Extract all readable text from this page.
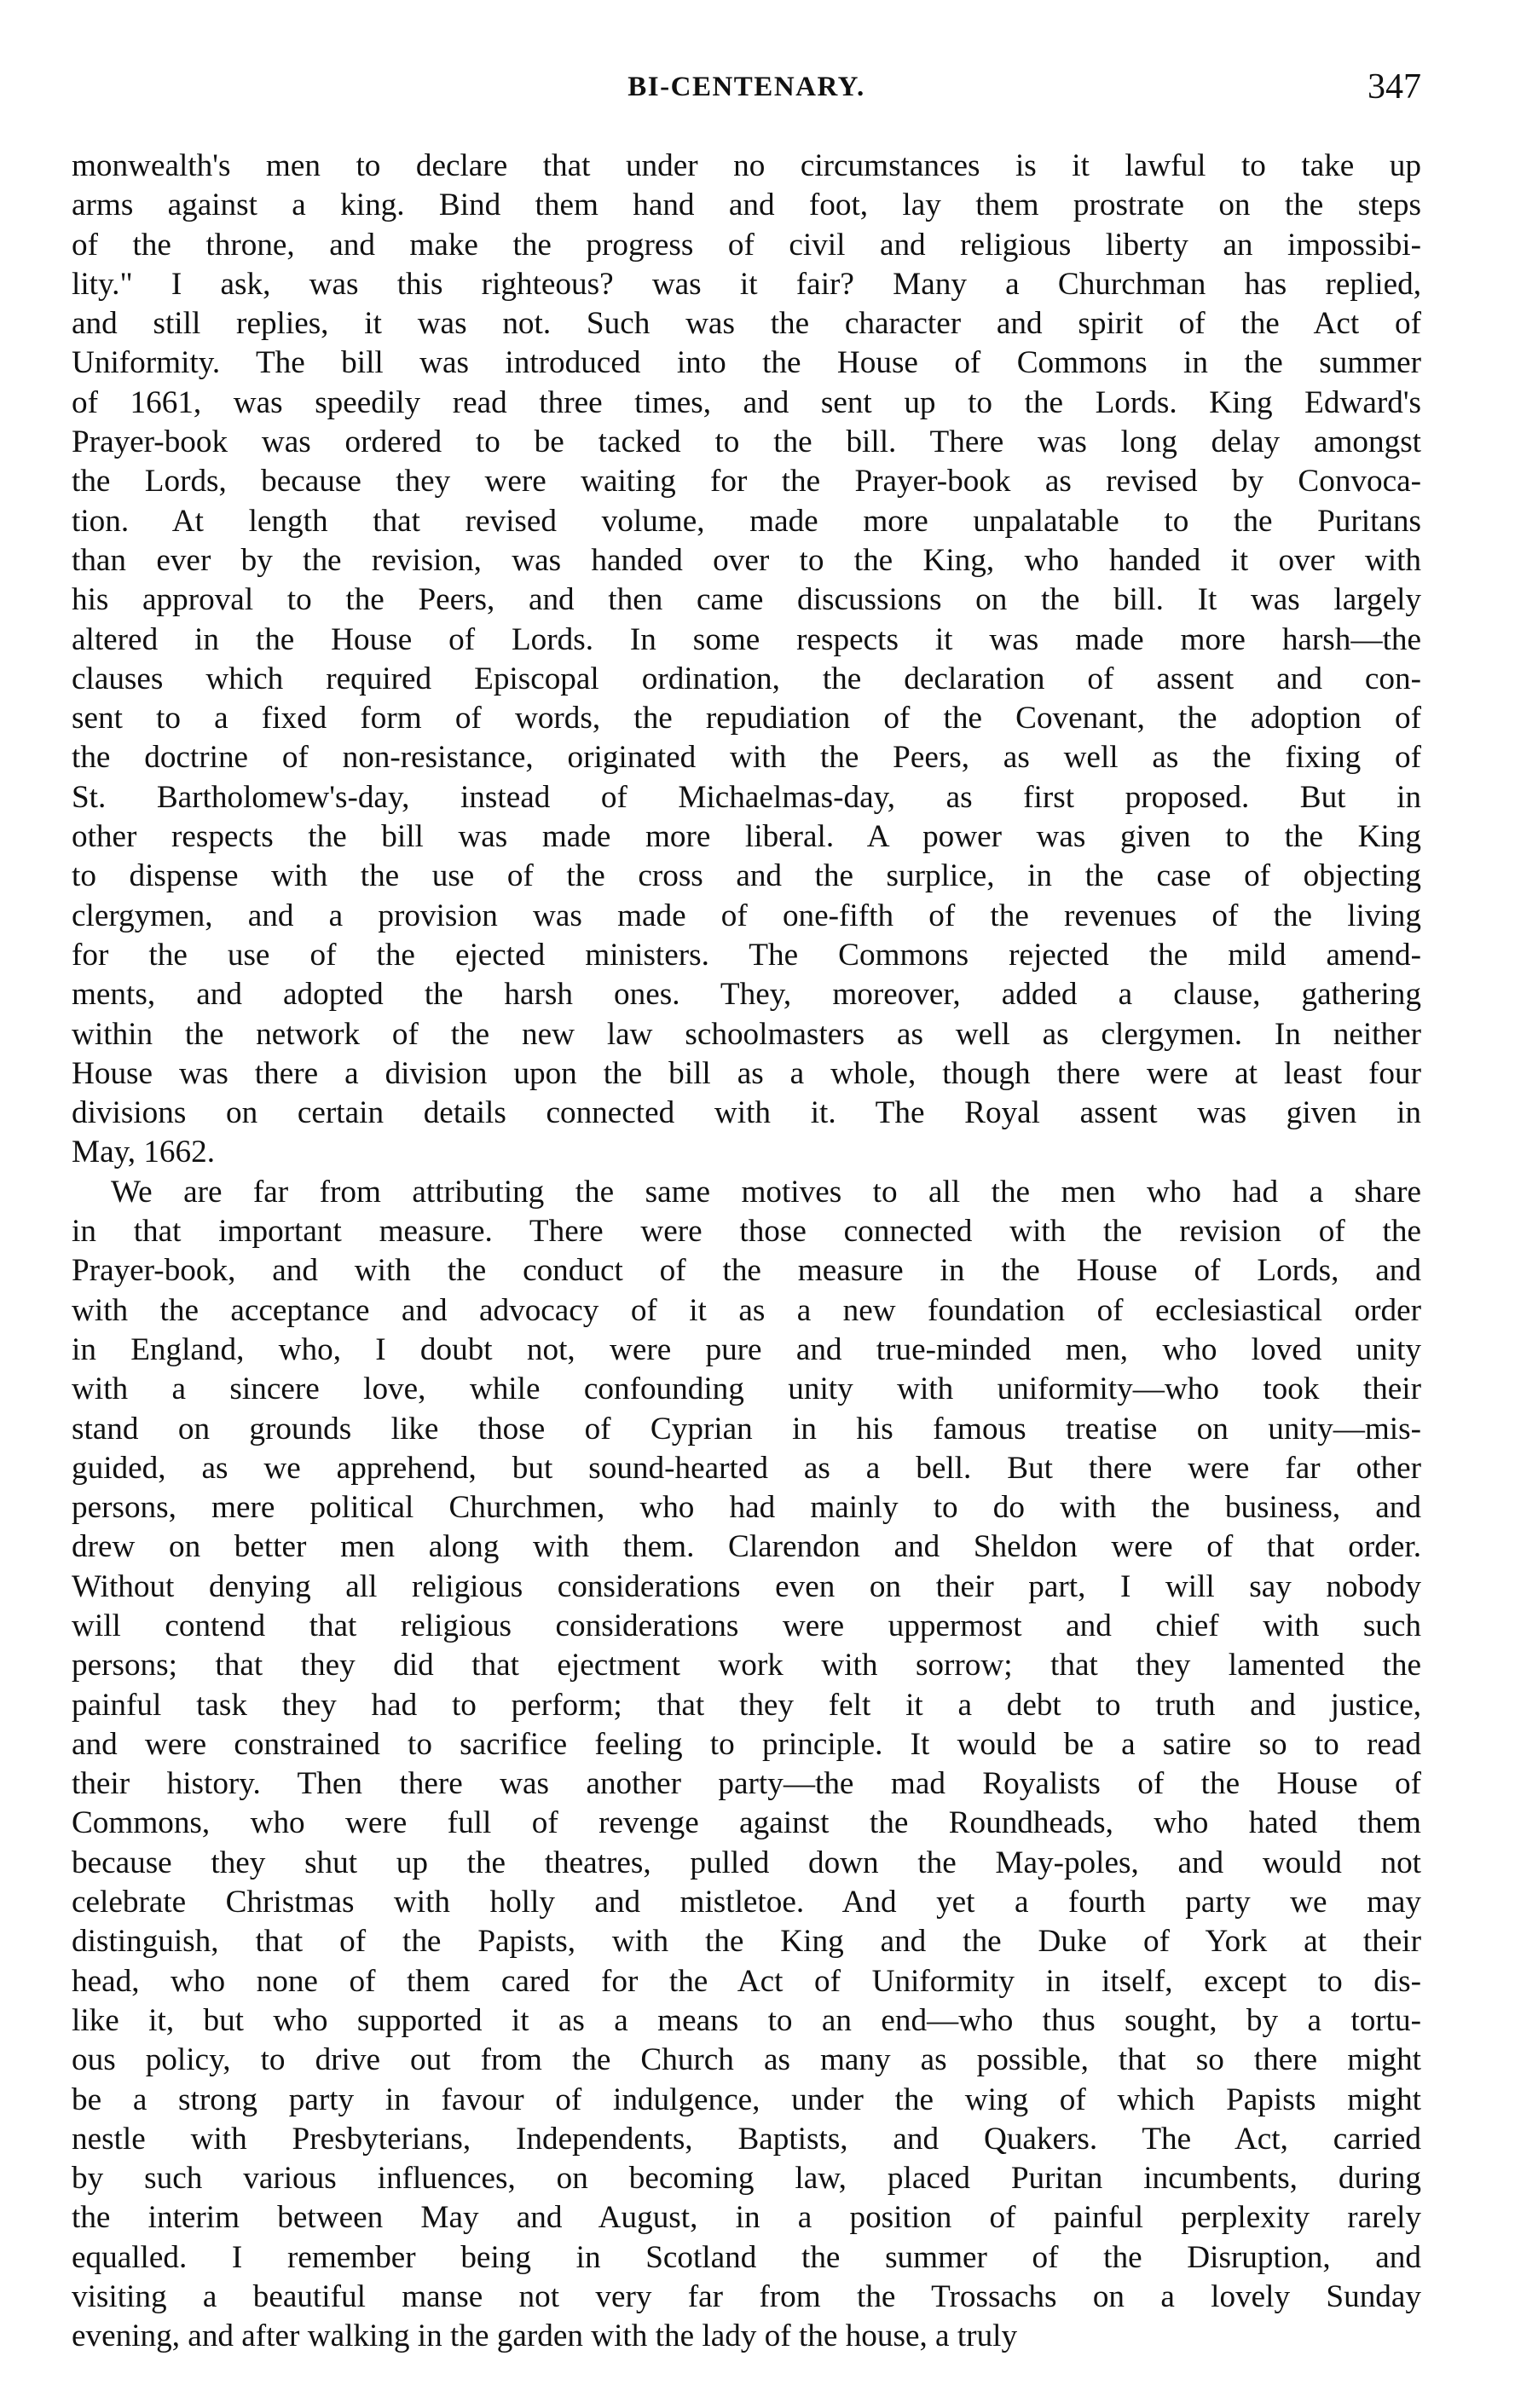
BI-CENTENARY.	347
monwealth's men to declare that under no circumstances is it lawful to take up
arms against a king. Bind them hand and foot, lay them prostrate on the steps
of the throne, and make the progress of civil and religious liberty an impossibi-
lity." I ask, was this righteous? was it fair? Many a Churchman has replied,
and still replies, it was not. Such was the character and spirit of the Act of
Uniformity. The bill was introduced into the House of Commons in the summer
of 1661, was speedily read three times, and sent up to the Lords. King Edward's
Prayer-book was ordered to be tacked to the bill. There was long delay amongst
the Lords, because they were waiting for the Prayer-book as revised by Convoca-
tion. At length that revised volume, made more unpalatable to the Puritans
than ever by the revision, was handed over to the King, who handed it over with
his approval to the Peers, and then came discussions on the bill. It was largely
altered in the House of Lords. In some respects it was made more harsh—the
clauses which required Episcopal ordination, the declaration of assent and con-
sent to a fixed form of words, the repudiation of the Covenant, the adoption of
the doctrine of non-resistance, originated with the Peers, as well as the fixing of
St. Bartholomew's-day, instead of Michaelmas-day, as first proposed. But in
other respects the bill was made more liberal. A power was given to the King
to dispense with the use of the cross and the surplice, in the case of objecting
clergymen, and a provision was made of one-fifth of the revenues of the living
for the use of the ejected ministers. The Commons rejected the mild amend-
ments, and adopted the harsh ones. They, moreover, added a clause, gathering
within the network of the new law schoolmasters as well as clergymen. In neither
House was there a division upon the bill as a whole, though there were at least four
divisions on certain details connected with it. The Royal assent was given in
May, 1662.
We are far from attributing the same motives to all the men who had a share
in that important measure. There were those connected with the revision of the
Prayer-book, and with the conduct of the measure in the House of Lords, and
with the acceptance and advocacy of it as a new foundation of ecclesiastical order
in England, who, I doubt not, were pure and true-minded men, who loved unity
with a sincere love, while confounding unity with uniformity—who took their
stand on grounds like those of Cyprian in his famous treatise on unity—mis-
guided, as we apprehend, but sound-hearted as a bell. But there were far other
persons, mere political Churchmen, who had mainly to do with the business, and
drew on better men along with them. Clarendon and Sheldon were of that order.
Without denying all religious considerations even on their part, I will say nobody
will contend that religious considerations were uppermost and chief with such
persons; that they did that ejectment work with sorrow; that they lamented the
painful task they had to perform; that they felt it a debt to truth and justice,
and were constrained to sacrifice feeling to principle. It would be a satire so to read
their history. Then there was another party—the mad Royalists of the House of
Commons, who were full of revenge against the Roundheads, who hated them
because they shut up the theatres, pulled down the May-poles, and would not
celebrate Christmas with holly and mistletoe. And yet a fourth party we may
distinguish, that of the Papists, with the King and the Duke of York at their
head, who none of them cared for the Act of Uniformity in itself, except to dis-
like it, but who supported it as a means to an end—who thus sought, by a tortu-
ous policy, to drive out from the Church as many as possible, that so there might
be a strong party in favour of indulgence, under the wing of which Papists might
nestle with Presbyterians, Independents, Baptists, and Quakers. The Act, carried
by such various influences, on becoming law, placed Puritan incumbents, during
the interim between May and August, in a position of painful perplexity rarely
equalled. I remember being in Scotland the summer of the Disruption, and
visiting a beautiful manse not very far from the Trossachs on a lovely Sunday
evening, and after walking in the garden with the lady of the house, a truly
